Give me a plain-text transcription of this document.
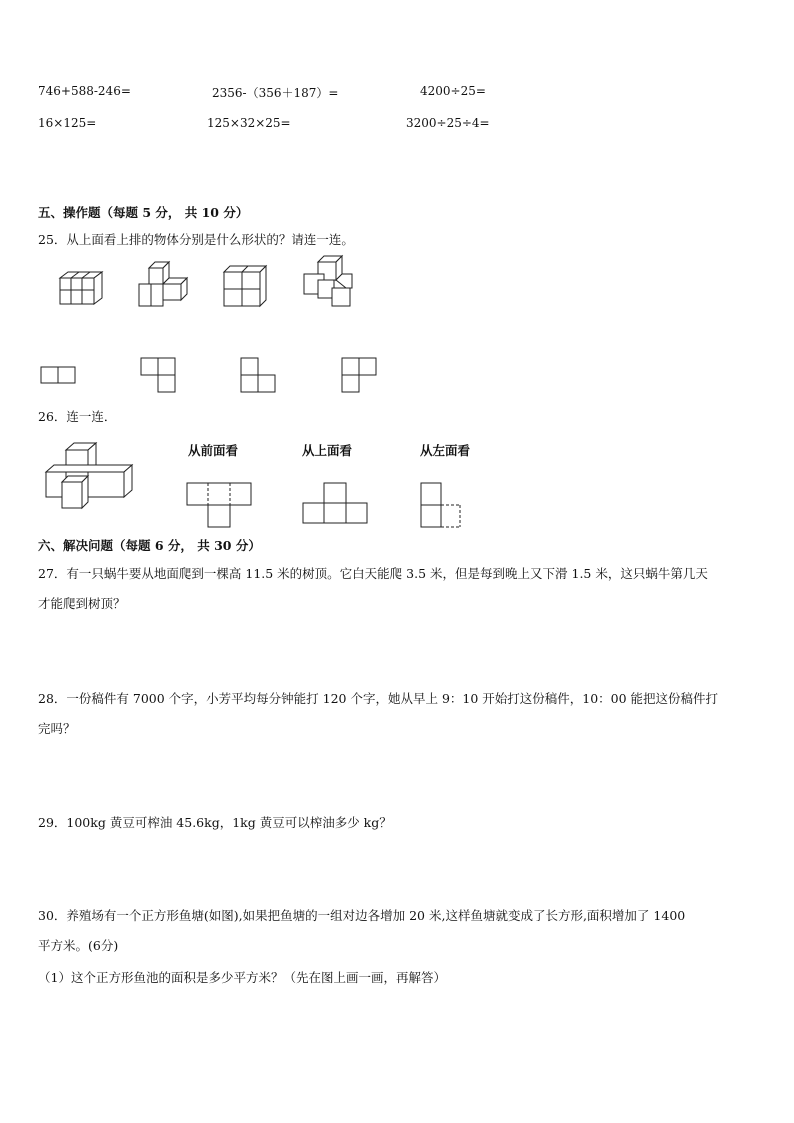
746+588-246=	2356-（356＋187）=	4200÷25=
16×125=	125×32×25=	3200÷25÷4=
五、操作题（每题 5 分， 共 10 分）
25．从上面看上排的物体分别是什么形状的？请连一连。
26．连一连．
从前面看	从上面看	从左面看
六、解决问题（每题 6 分， 共 30 分）
27．有一只蜗牛要从地面爬到一棵高 11.5 米的树顶。它白天能爬 3.5 米，但是每到晚上又下滑 1.5 米，这只蜗牛第几天
才能爬到树顶？
28．一份稿件有 7000 个字，小芳平均每分钟能打 120 个字，她从早上 9：10 开始打这份稿件，10：00 能把这份稿件打
完吗？
29．100kg 黄豆可榨油 45.6kg，1kg 黄豆可以榨油多少 kg？
30．养殖场有一个正方形鱼塘(如图),如果把鱼塘的一组对边各增加 20 米,这样鱼塘就变成了长方形,面积增加了 1400
平方米。(6分)
（1）这个正方形鱼池的面积是多少平方米？（先在图上画一画，再解答）
